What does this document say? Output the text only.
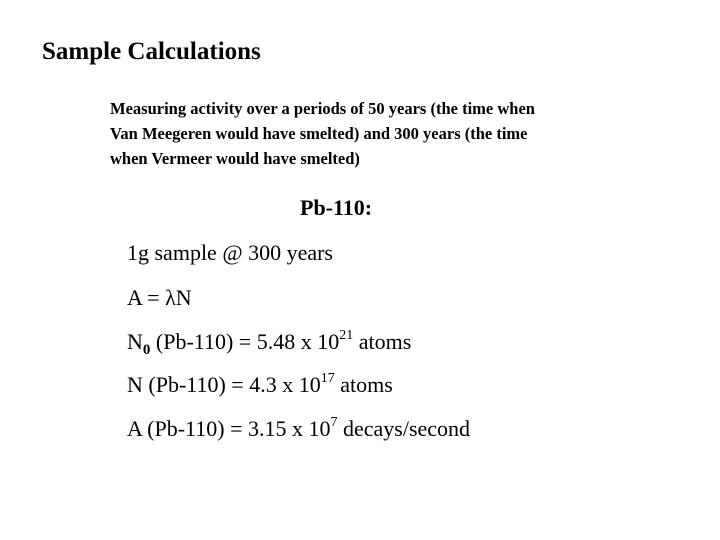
Sample Calculations
Measuring activity over a periods of 50 years (the time when
Van Meegeren would have smelted) and 300 years (the time
when Vermeer would have smelted)
Pb-110:
1g sample @ 300 years
A = λN
$N_0$ (Pb-110) = 5.48 x $10^{21}$ atoms
N (Pb-110) = 4.3 x $10^{17}$ atoms
A (Pb-110) = 3.15 x $10^7$ decays/second
